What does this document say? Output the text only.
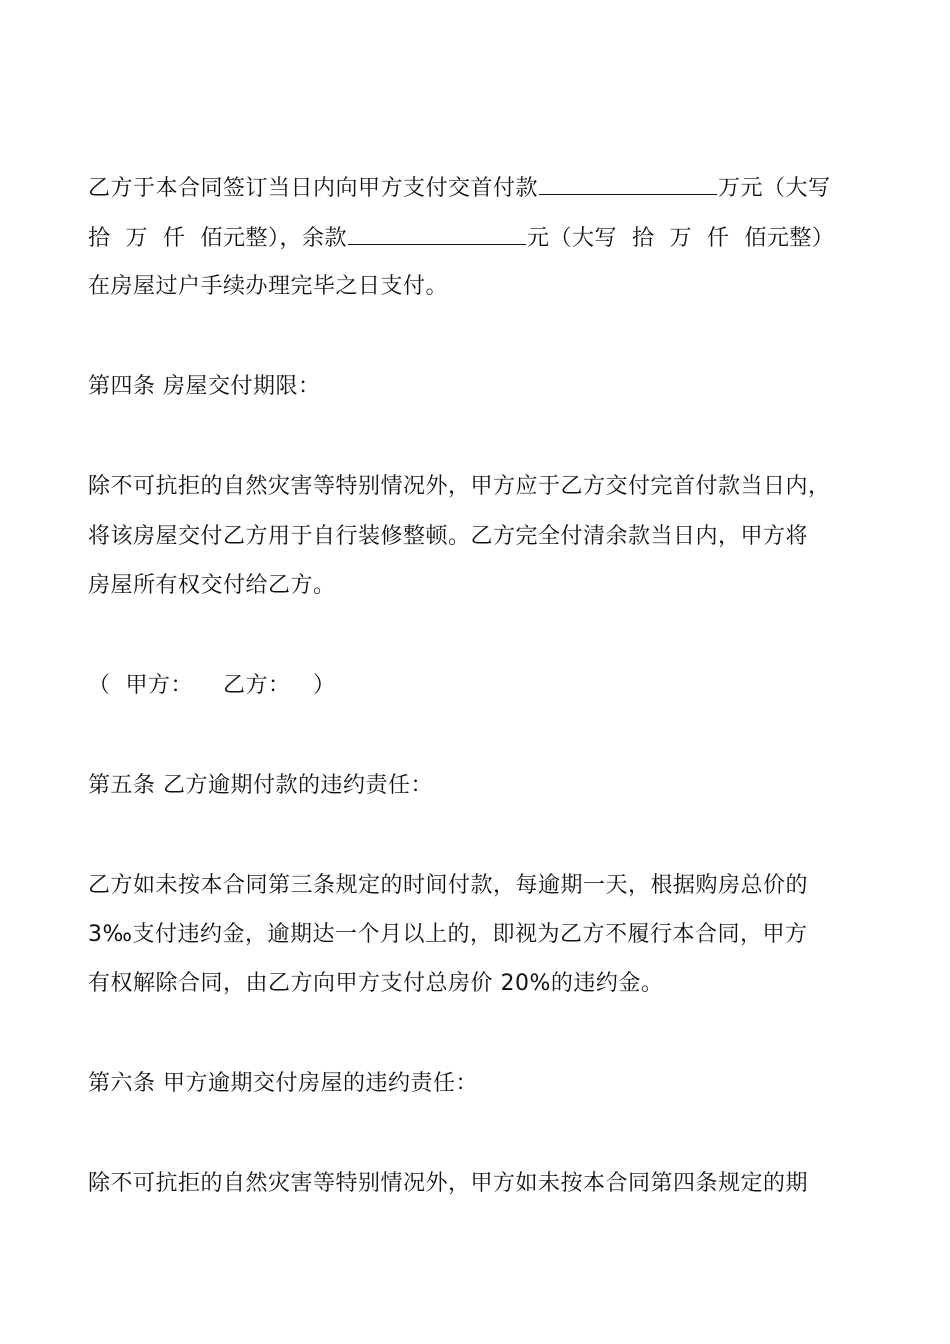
乙方于本合同签订当日内向甲方支付交首付款	万元（大写
拾  万  仟  佰元整），余款	元（大写  拾  万  仟  佰元整）
在房屋过户手续办理完毕之日支付。
第四条 房屋交付期限：
除不可抗拒的自然灾害等特别情况外，甲方应于乙方交付完首付款当日内，
将该房屋交付乙方用于自行装修整顿。乙方完全付清余款当日内，甲方将
房屋所有权交付给乙方。
（  甲方：    乙方：   ）
第五条 乙方逾期付款的违约责任：
乙方如未按本合同第三条规定的时间付款，每逾期一天，根据购房总价的
3‰支付违约金，逾期达一个月以上的，即视为乙方不履行本合同，甲方
有权解除合同，由乙方向甲方支付总房价 20%的违约金。
第六条 甲方逾期交付房屋的违约责任：
除不可抗拒的自然灾害等特别情况外，甲方如未按本合同第四条规定的期
